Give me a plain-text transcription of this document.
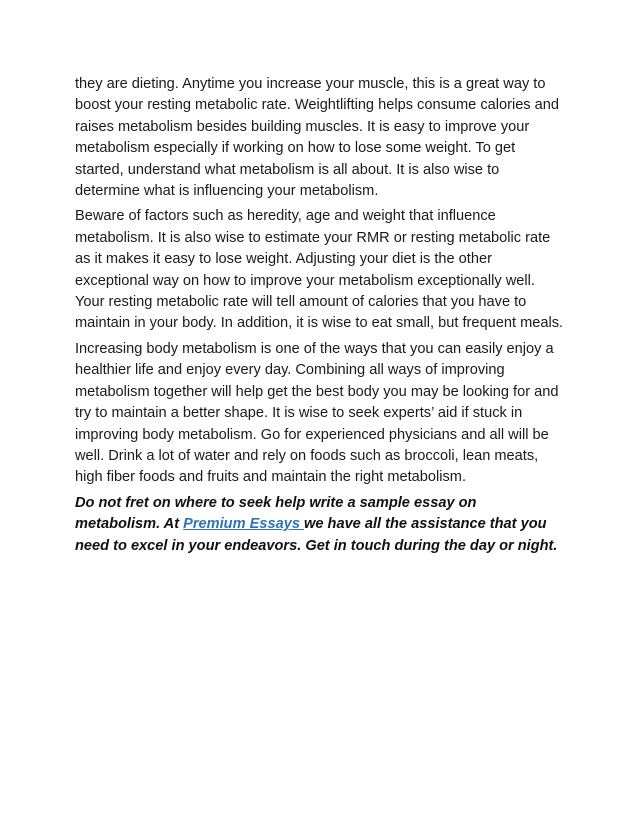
they are dieting. Anytime you increase your muscle, this is a great way to boost your resting metabolic rate. Weightlifting helps consume calories and raises metabolism besides building muscles. It is easy to improve your metabolism especially if working on how to lose some weight. To get started, understand what metabolism is all about. It is also wise to determine what is influencing your metabolism.

Beware of factors such as heredity, age and weight that influence metabolism. It is also wise to estimate your RMR or resting metabolic rate as it makes it easy to lose weight. Adjusting your diet is the other exceptional way on how to improve your metabolism exceptionally well. Your resting metabolic rate will tell amount of calories that you have to maintain in your body. In addition, it is wise to eat small, but frequent meals.

Increasing body metabolism is one of the ways that you can easily enjoy a healthier life and enjoy every day. Combining all ways of improving metabolism together will help get the best body you may be looking for and try to maintain a better shape. It is wise to seek experts’ aid if stuck in improving body metabolism. Go for experienced physicians and all will be well. Drink a lot of water and rely on foods such as broccoli, lean meats, high fiber foods and fruits and maintain the right metabolism.

Do not fret on where to seek help write a sample essay on metabolism. At Premium Essays we have all the assistance that you need to excel in your endeavors. Get in touch during the day or night.
